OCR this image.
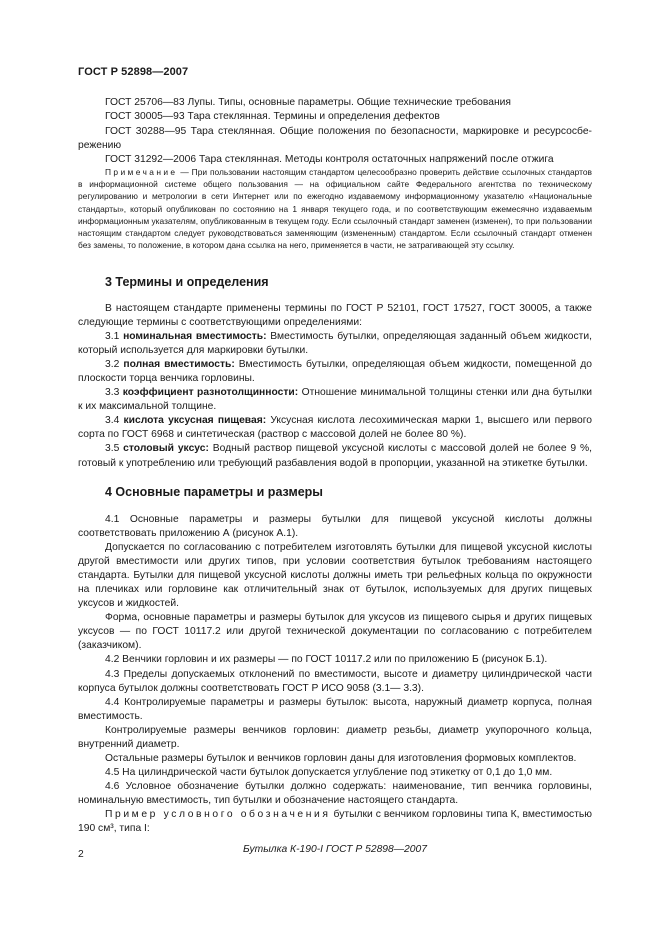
ГОСТ Р 52898—2007

ГОСТ 25706—83 Лупы. Типы, основные параметры. Общие технические требования

ГОСТ 30005—93 Тара стеклянная. Термины и определения дефектов

ГОСТ 30288—95 Тара стеклянная. Общие положения по безопасности, маркировке и ресурсосбе-режению

ГОСТ 31292—2006 Тара стеклянная. Методы контроля остаточных напряжений после отжига

Примечание — При пользовании настоящим стандартом целесообразно проверить действие ссылочных стандартов в информационной системе общего пользования — на официальном сайте Федерального агентства по техническому регулированию и метрологии в сети Интернет или по ежегодно издаваемому информационному указателю «Национальные стандарты», который опубликован по состоянию на 1 января текущего года, и по соответствующим ежемесячно издаваемым информационным указателям, опубликованным в текущем году. Если ссылочный стандарт заменен (изменен), то при пользовании настоящим стандартом следует руководствоваться заменяющим (измененным) стандартом. Если ссылочный стандарт отменен без замены, то положение, в котором дана ссылка на него, применяется в части, не затрагивающей эту ссылку.

3 Термины и определения

В настоящем стандарте применены термины по ГОСТ Р 52101, ГОСТ 17527, ГОСТ 30005, а также следующие термины с соответствующими определениями:

3.1 номинальная вместимость: Вместимость бутылки, определяющая заданный объем жидкости, который используется для маркировки бутылки.

3.2 полная вместимость: Вместимость бутылки, определяющая объем жидкости, помещенной до плоскости торца венчика горловины.

3.3 коэффициент разнотолщинности: Отношение минимальной толщины стенки или дна бутылки к их максимальной толщине.

3.4 кислота уксусная пищевая: Уксусная кислота лесохимическая марки 1, высшего или первого сорта по ГОСТ 6968 и синтетическая (раствор с массовой долей не более 80 %).

3.5 столовый уксус: Водный раствор пищевой уксусной кислоты с массовой долей не более 9 %, готовый к употреблению или требующий разбавления водой в пропорции, указанной на этикетке бутылки.

4 Основные параметры и размеры

4.1 Основные параметры и размеры бутылки для пищевой уксусной кислоты должны соответствовать приложению А (рисунок А.1).

Допускается по согласованию с потребителем изготовлять бутылки для пищевой уксусной кислоты другой вместимости или других типов, при условии соответствия бутылок требованиям настоящего стандарта. Бутылки для пищевой уксусной кислоты должны иметь три рельефных кольца по окружности на плечиках или горловине как отличительный знак от бутылок, используемых для других пищевых уксусов и жидкостей.

Форма, основные параметры и размеры бутылок для уксусов из пищевого сырья и других пищевых уксусов — по ГОСТ 10117.2 или другой технической документации по согласованию с потребителем (заказчиком).

4.2 Венчики горловин и их размеры — по ГОСТ 10117.2 или по приложению Б (рисунок Б.1).

4.3 Пределы допускаемых отклонений по вместимости, высоте и диаметру цилиндрической части корпуса бутылок должны соответствовать ГОСТ Р ИСО 9058 (3.1— 3.3).

4.4 Контролируемые параметры и размеры бутылок: высота, наружный диаметр корпуса, полная вместимость.

Контролируемые размеры венчиков горловин: диаметр резьбы, диаметр укупорочного кольца, внутренний диаметр.

Остальные размеры бутылок и венчиков горловин даны для изготовления формовых комплектов.

4.5 На цилиндрической части бутылок допускается углубление под этикетку от 0,1 до 1,0 мм.

4.6 Условное обозначение бутылки должно содержать: наименование, тип венчика горловины, номинальную вместимость, тип бутылки и обозначение настоящего стандарта.

Пример условного обозначения бутылки с венчиком горловины типа К, вместимостью 190 см³, типа I:

Бутылка К-190-I ГОСТ Р 52898—2007

2
